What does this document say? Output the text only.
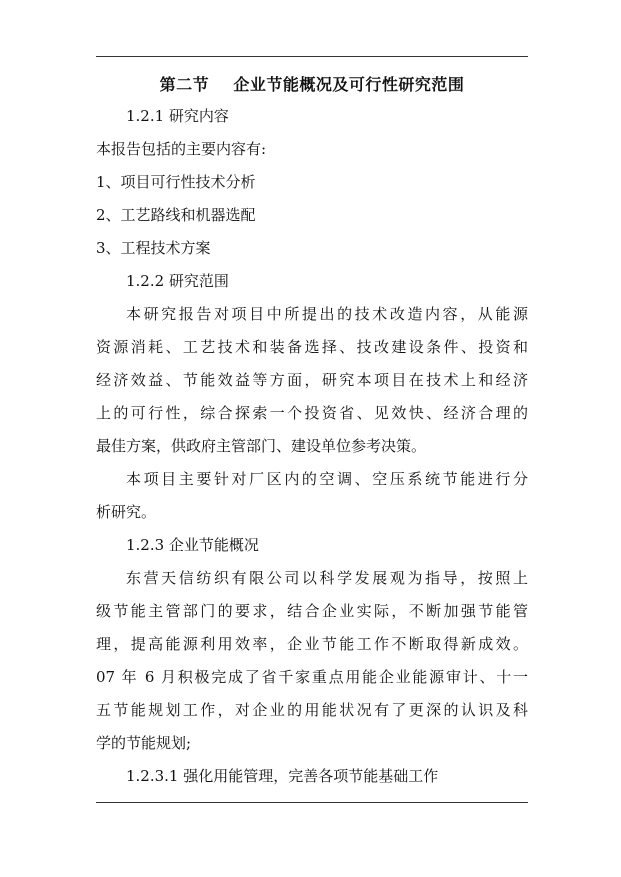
第二节    企业节能概况及可行性研究范围

1.2.1 研究内容

本报告包括的主要内容有:

1、项目可行性技术分析

2、工艺路线和机器选配

3、工程技术方案

1.2.2 研究范围

本研究报告对项目中所提出的技术改造内容，从能源

资源消耗、工艺技术和装备选择、技改建设条件、投资和

经济效益、节能效益等方面，研究本项目在技术上和经济

上的可行性，综合探索一个投资省、见效快、经济合理的

最佳方案，供政府主管部门、建设单位参考决策。

本项目主要针对厂区内的空调、空压系统节能进行分

析研究。

1.2.3 企业节能概况

东营天信纺织有限公司以科学发展观为指导，按照上

级节能主管部门的要求，结合企业实际，不断加强节能管

理，提高能源利用效率，企业节能工作不断取得新成效。

07 年 6 月积极完成了省千家重点用能企业能源审计、十一

五节能规划工作，对企业的用能状况有了更深的认识及科

学的节能规划;

1.2.3.1 强化用能管理，完善各项节能基础工作
